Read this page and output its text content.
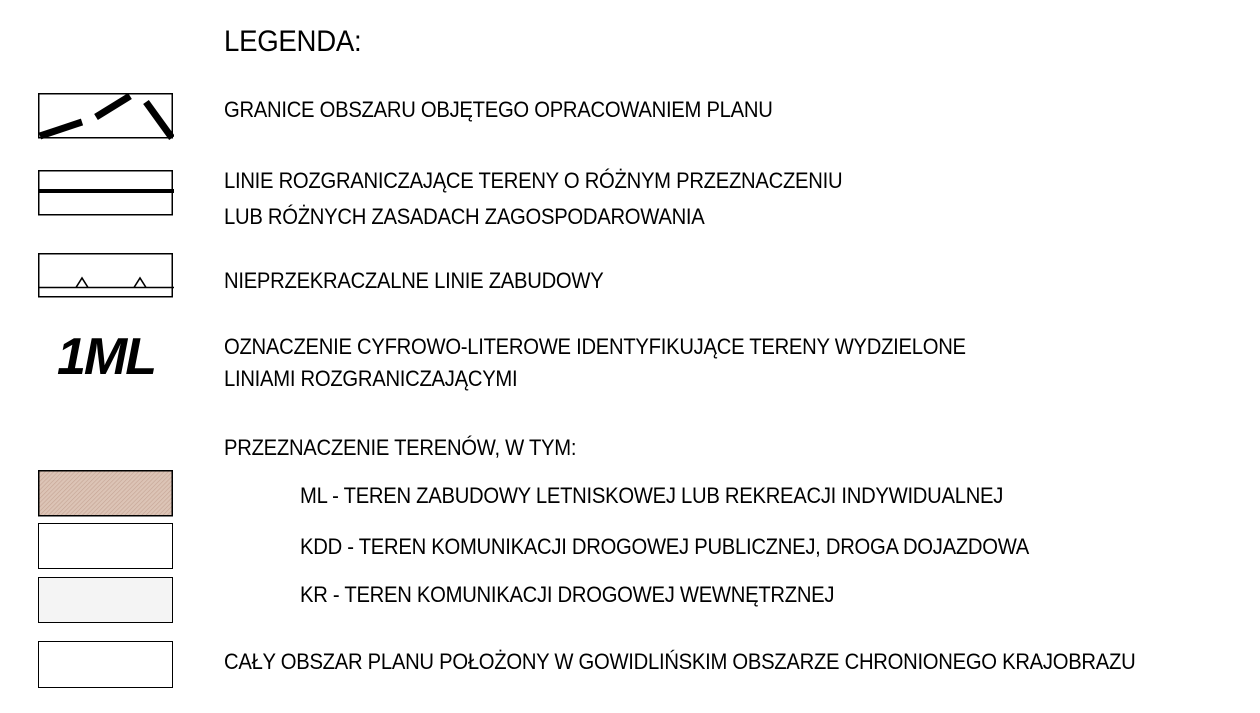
LEGENDA:
GRANICE OBSZARU OBJĘTEGO OPRACOWANIEM PLANU
LINIE ROZGRANICZAJĄCE TERENY O RÓŻNYM PRZEZNACZENIU
LUB RÓŻNYCH ZASADACH ZAGOSPODAROWANIA
NIEPRZEKRACZALNE LINIE ZABUDOWY
1ML	OZNACZENIE CYFROWO-LITEROWE IDENTYFIKUJĄCE TERENY WYDZIELONE
LINIAMI ROZGRANICZAJĄCYMI
PRZEZNACZENIE TERENÓW, W TYM:
ML - TEREN ZABUDOWY LETNISKOWEJ LUB REKREACJI INDYWIDUALNEJ
KDD - TEREN KOMUNIKACJI DROGOWEJ PUBLICZNEJ, DROGA DOJAZDOWA
KR - TEREN KOMUNIKACJI DROGOWEJ WEWNĘTRZNEJ
CAŁY OBSZAR PLANU POŁOŻONY W GOWIDLIŃSKIM OBSZARZE CHRONIONEGO KRAJOBRAZU
